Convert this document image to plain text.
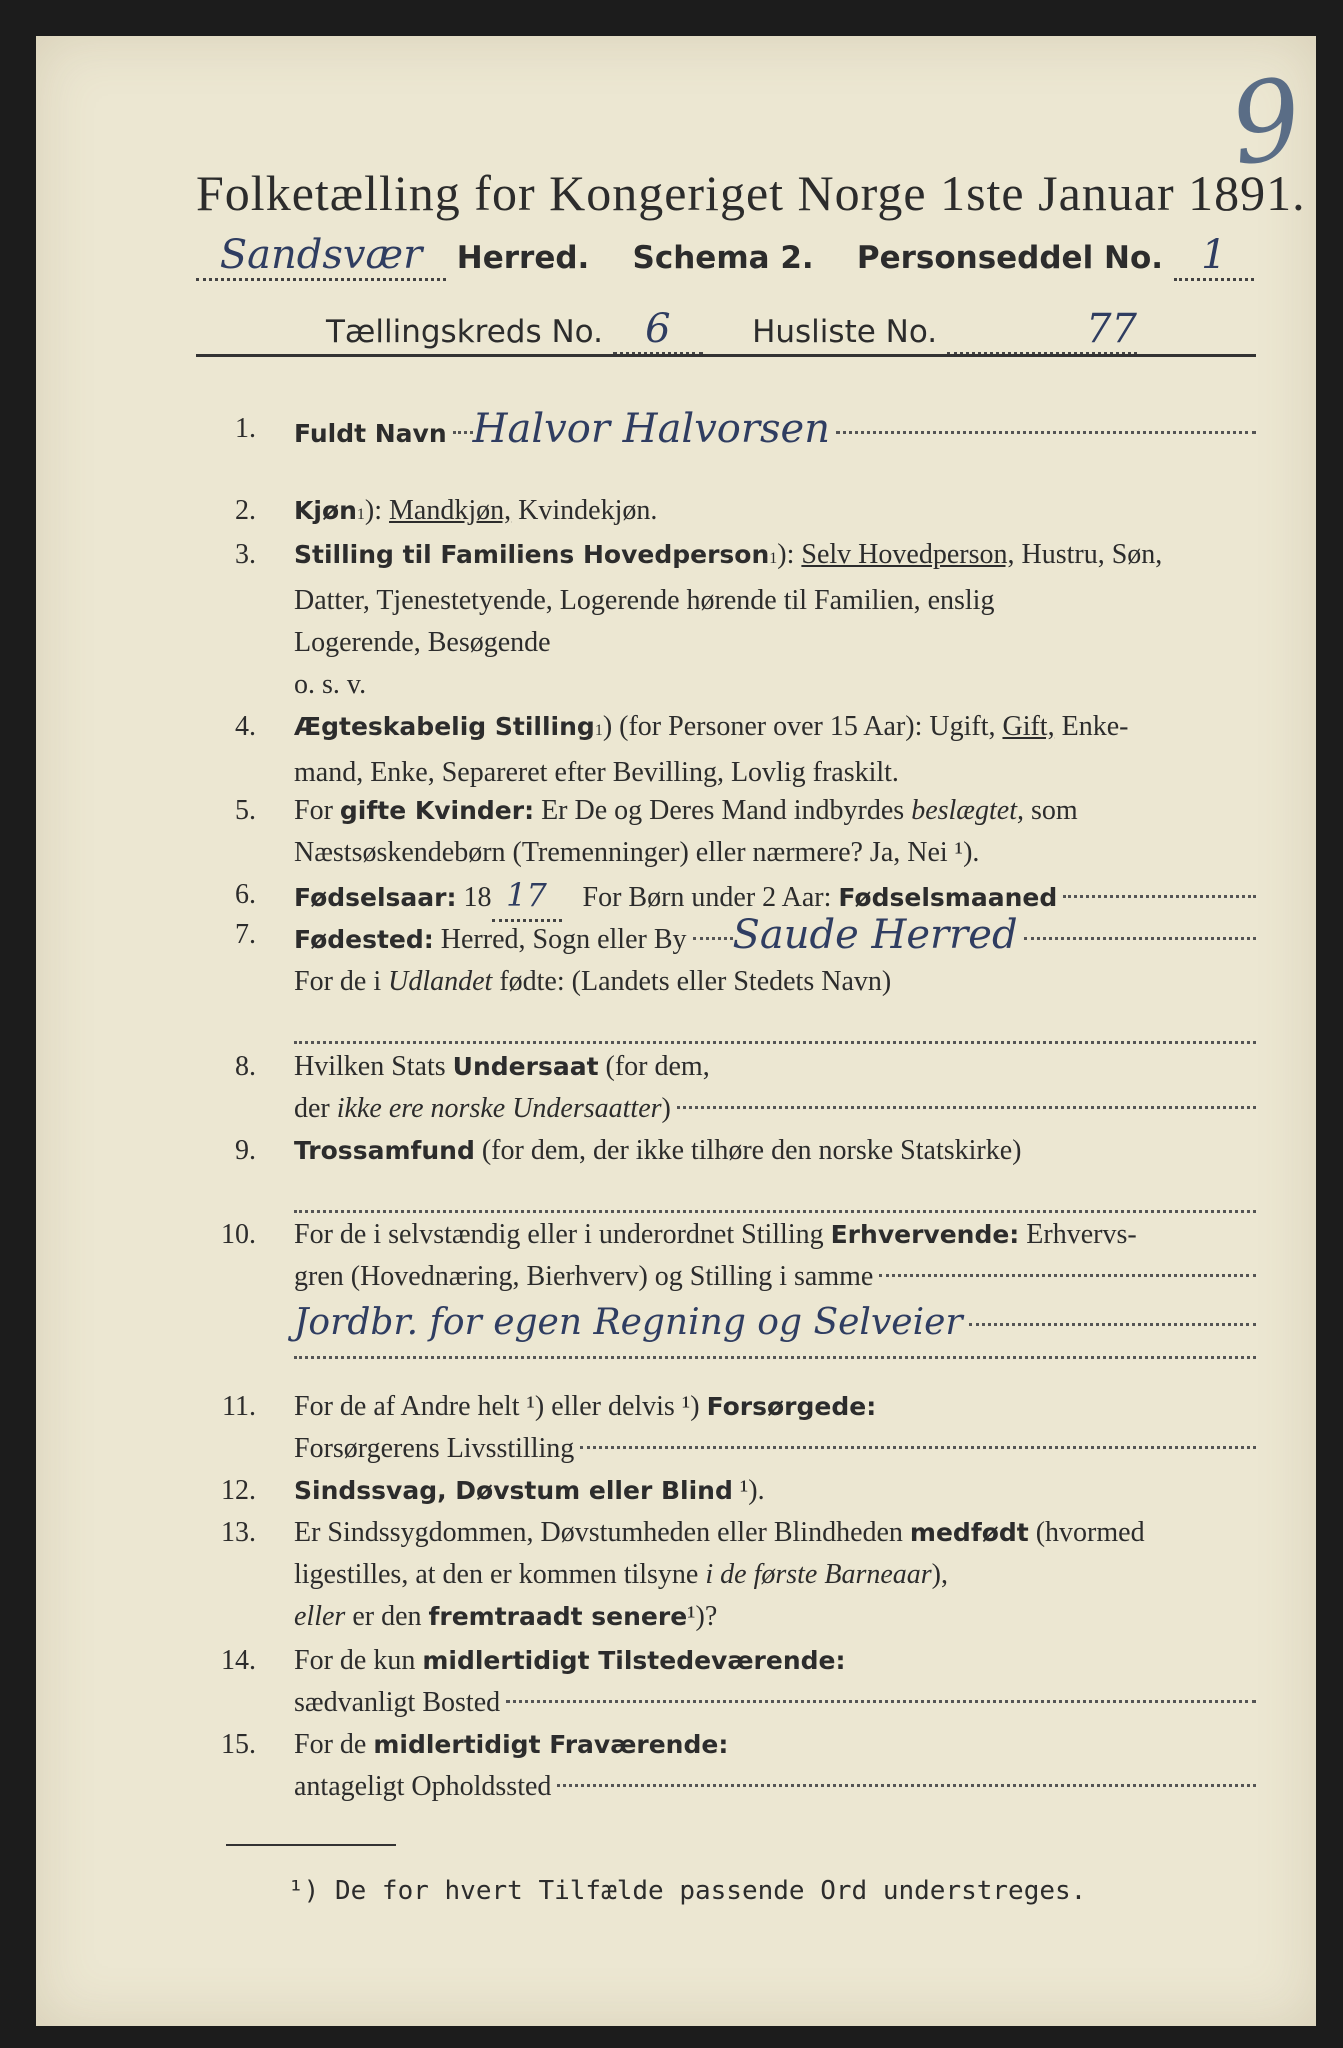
9
Folketælling for Kongeriget Norge 1ste Januar 1891.
Sandsvær Herred. Schema 2. Personseddel No. 1
Tællingskreds No. 6	Husliste No.	77
1. Fuldt Navn Halvor Halvorsen
2. Kjøn 1 ):
Mandkjøn,
Kvindekjøn.
3. Stilling til Familiens Hovedperson 1 ):
Selv Hovedperson,
Hustru, Søn,
Datter, Tjenestetyende, Logerende hørende til Familien, enslig
Logerende, Besøgende
o. s. v.
4. Ægteskabelig Stilling 1 ) (for Personer over 15 Aar): Ugift,
Gift,
Enke-
mand, Enke, Separeret efter Bevilling, Lovlig fraskilt.
5. For
gifte Kvinder:
Er De og Deres Mand indbyrdes
beslægtet,
som
Næstsøskendebørn (Tremenninger) eller nærmere? Ja, Nei ¹).
6. Fødselsaar:
18 17
	For Børn under 2 Aar:
Fødselsmaaned
7. Fødested:
Herred, Sogn eller By Saude Herred
For de i Udlandet fødte: (Landets eller Stedets Navn)
8. Hvilken Stats Undersaat (for dem,
der
ikke ere norske Undersaatter )
9. Trossamfund
(for dem, der ikke tilhøre den norske Statskirke)
10. For de i selvstændig eller i underordnet Stilling
Erhvervende:
Erhvervs-
gren (Hovednæring, Bierhverv) og Stilling i samme
Jordbr. for egen Regning og Selveier
11. For de af Andre helt ¹) eller delvis ¹) Forsørgede:
Forsørgerens Livsstilling
12. Sindssvag, Døvstum eller Blind
¹).
13. Er Sindssygdommen, Døvstumheden eller Blindheden
medfødt
(hvormed
ligestilles, at den er kommen tilsyne
i de første Barneaar ),
eller
er den
fremtraadt senere ¹)?
14. For de kun midlertidigt Tilstedeværende:
sædvanligt Bosted
15. For de midlertidigt Fraværende:
antageligt Opholdssted
¹) De for hvert Tilfælde passende Ord understreges.
